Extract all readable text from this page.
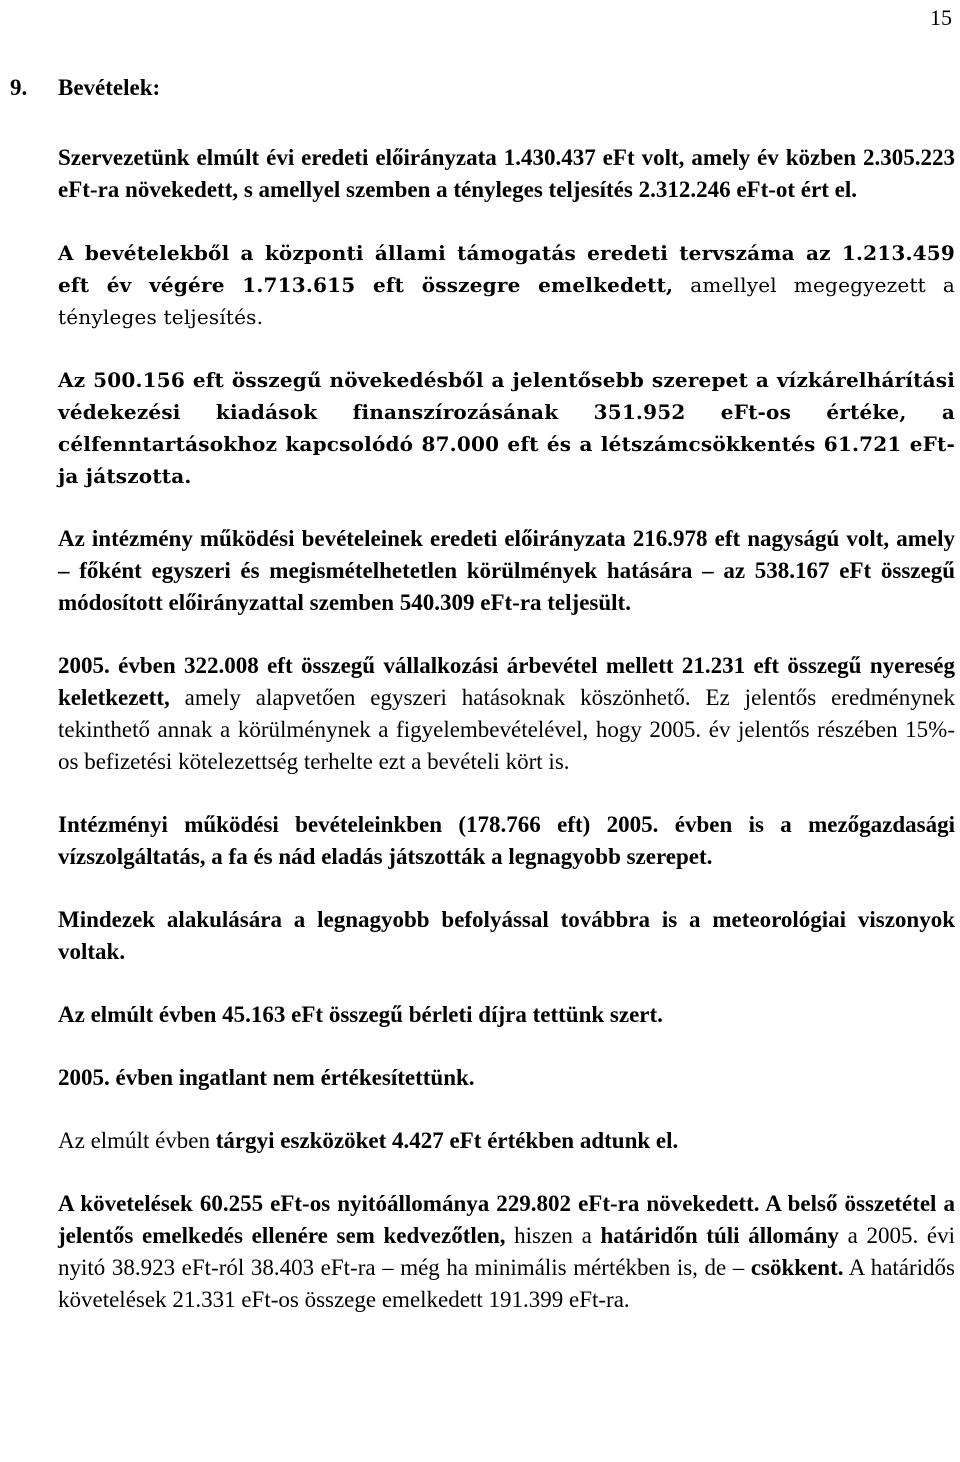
15
9. Bevételek:

Szervezetünk elmúlt évi eredeti előirányzata 1.430.437 eFt volt, amely év közben 2.305.223 eFt-ra növekedett, s amellyel szemben a tényleges teljesítés 2.312.246 eFt-ot ért el.

A bevételekből a központi állami támogatás eredeti tervszáma az 1.213.459 eft év végére 1.713.615 eft összegre emelkedett, amellyel megegyezett a tényleges teljesítés.

Az 500.156 eft összegű növekedésből a jelentősebb szerepet a vízkárelhárítási védekezési kiadások finanszírozásának 351.952 eFt-os értéke, a célfenntartásokhoz kapcsolódó 87.000 eft és a létszámcsökkentés 61.721 eFt-ja játszotta.

Az intézmény működési bevételeinek eredeti előirányzata 216.978 eft nagyságú volt, amely – főként egyszeri és megismételhetetlen körülmények hatására – az 538.167 eFt összegű módosított előirányzattal szemben 540.309 eFt-ra teljesült.

2005. évben 322.008 eft összegű vállalkozási árbevétel mellett 21.231 eft összegű nyereség keletkezett, amely alapvetően egyszeri hatásoknak köszönhető. Ez jelentős eredménynek tekinthető annak a körülménynek a figyelembevételével, hogy 2005. év jelentős részében 15%-os befizetési kötelezettség terhelte ezt a bevételi kört is.

Intézményi működési bevételeinkben (178.766 eft) 2005. évben is a mezőgazdasági vízszolgáltatás, a fa és nád eladás játszották a legnagyobb szerepet.

Mindezek alakulására a legnagyobb befolyással továbbra is a meteorológiai viszonyok voltak.

Az elmúlt évben 45.163 eFt összegű bérleti díjra tettünk szert.

2005. évben ingatlant nem értékesítettünk.

Az elmúlt évben tárgyi eszközöket 4.427 eFt értékben adtunk el.

A követelések 60.255 eFt-os nyitóállománya 229.802 eFt-ra növekedett. A belső összetétel a jelentős emelkedés ellenére sem kedvezőtlen, hiszen a határidőn túli állomány a 2005. évi nyitó 38.923 eFt-ról 38.403 eFt-ra – még ha minimális mértékben is, de – csökkent. A határidős követelések 21.331 eFt-os összege emelkedett 191.399 eFt-ra.
